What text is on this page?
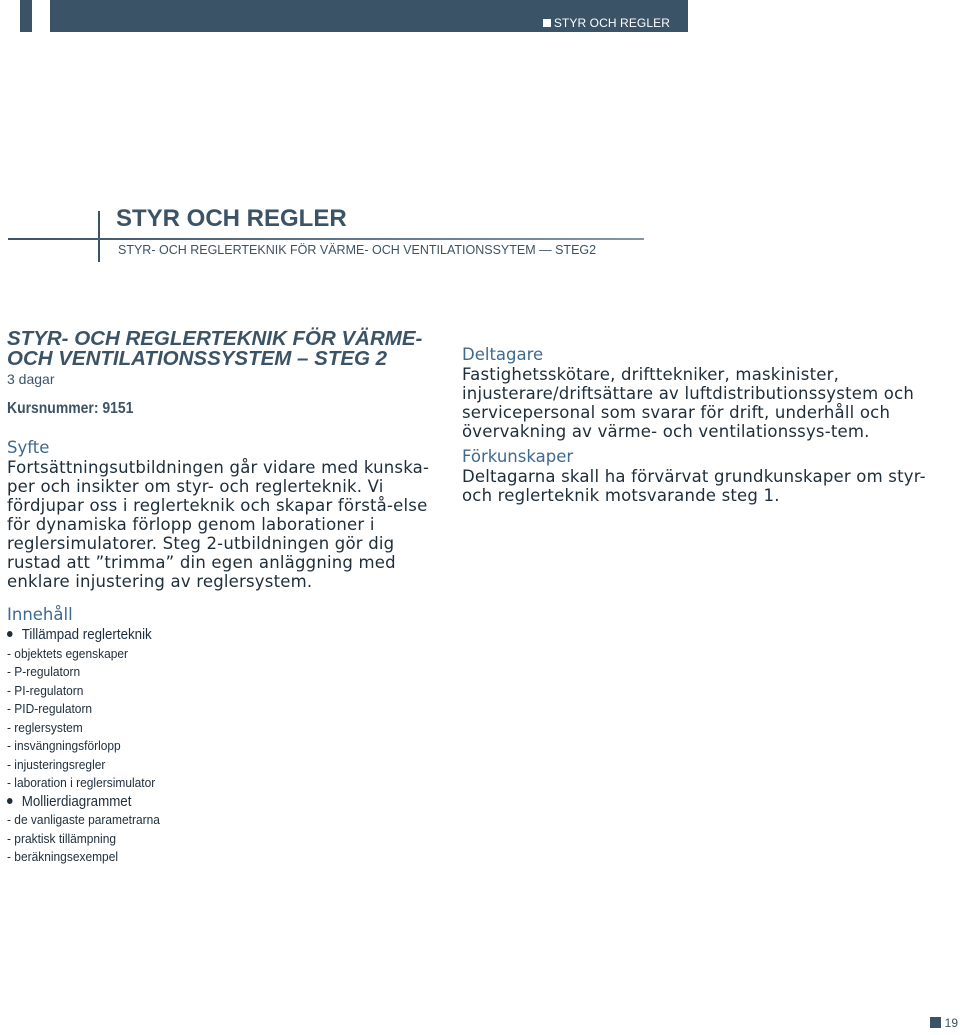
STYR OCH REGLER
STYR OCH REGLER
STYR- OCH REGLERTEKNIK FÖR VÄRME- OCH VENTILATIONSSYTEM — STEG2
STYR- OCH REGLERTEKNIK FÖR VÄRME-
OCH VENTILATIONSSYSTEM – STEG 2
3 dagar
Kursnummer: 9151
Syfte

Fortsättningsutbildningen går vidare med kunska-per och insikter om styr- och reglerteknik. Vi fördjupar oss i reglerteknik och skapar förstå-else för dynamiska förlopp genom laborationer i reglersimulatorer. Steg 2-utbildningen gör dig rustad att ”trimma” din egen anläggning med enklare injustering av reglersystem.

Deltagare

Fastighetsskötare, drifttekniker, maskinister, injusterare/driftsättare av luftdistributionssystem och servicepersonal som svarar för drift, underhåll och övervakning av värme- och ventilationssys-tem.

Förkunskaper

Deltagarna skall ha förvärvat grundkunskaper om styr- och reglerteknik motsvarande steg 1.

Innehåll
Tillämpad reglerteknik
- objektets egenskaper
- P-regulatorn
- PI-regulatorn
- PID-regulatorn
- reglersystem
- insvängningsförlopp
- injusteringsregler
- laboration i reglersimulator
Mollierdiagrammet
- de vanligaste parametrarna
- praktisk tillämpning
- beräkningsexempel
19
